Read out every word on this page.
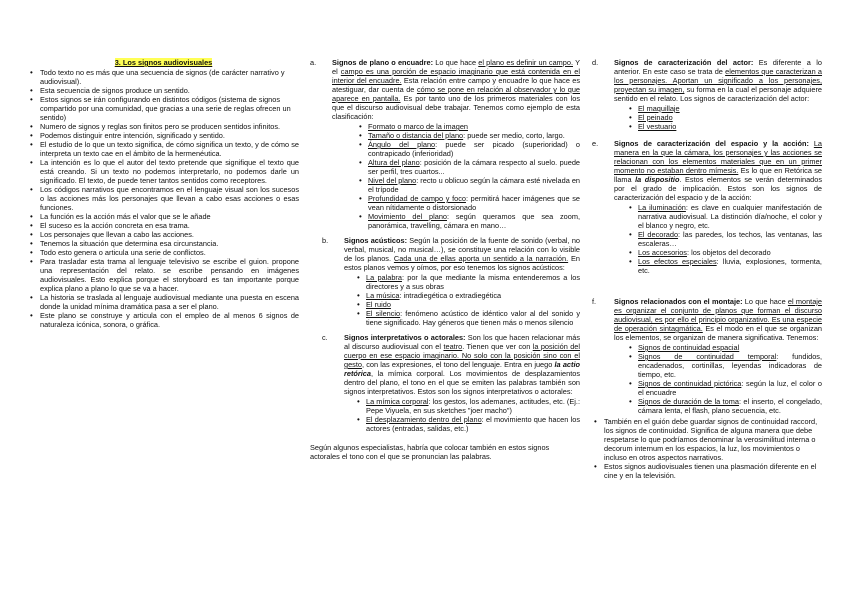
3. Los signos audiovisuales
• Todo texto no es más que una secuencia de signos (de carácter narrativo y audiovisual).
• Esta secuencia de signos produce un sentido.
• Estos signos se irán configurando en distintos códigos (sistema de signos compartido por una comunidad, que gracias a una serie de reglas ofrecen un sentido)
• Numero de signos y reglas son finitos pero se producen sentidos infinitos.
• Podemos distinguir entre intención, significado y sentido.
• El estudio de lo que un texto significa, de cómo significa un texto, y de cómo se interpreta un texto cae en el ámbito de la hermenéutica.
• La intención es lo que el autor del texto pretende que signifique el texto que está creando. Si un texto no podemos interpretarlo, no podemos darle un significado. El texto, de puede tener tantos sentidos como receptores.
• Los códigos narrativos que encontramos en el lenguaje visual son los sucesos o las acciones más los personajes que llevan a cabo esas acciones o esas funciones.
• La función es la acción más el valor que se le añade
• El suceso es la acción concreta en esa trama.
• Los personajes que llevan a cabo las acciones.
• Tenemos la situación que determina esa circunstancia.
• Todo esto genera o articula una serie de conflictos.
• Para trasladar esta trama al lenguaje televisivo se escribe el guion. propone una representación del relato. se escribe pensando en imágenes audiovisuales. Esto explica porque el storyboard es tan importante porque explica plano a plano lo que se va a hacer.
• La historia se traslada al lenguaje audiovisual mediante una puesta en escena donde la unidad mínima dramática pasa a ser el plano.
• Este plano se construye y articula con el empleo de al menos 6 signos de naturaleza icónica, sonora, o gráfica.
a. Signos de plano o encuadre: Lo que hace el plano es definir un campo. Y el campo es una porción de espacio imaginario que está contenida en el interior del encuadre. Esta relación entre campo y encuadre lo que hace es atestiguar, dar cuenta de cómo se pone en relación al observador y lo que aparece en pantalla. Es por tanto uno de los primeros materiales con los que el discurso audiovisual debe trabajar. Tenemos como ejemplo de esta clasificación:
• Formato o marco de la imagen
• Tamaño o distancia del plano: puede ser medio, corto, largo.
• Ángulo del plano: puede ser picado (superioridad) o contrapicado (inferioridad)
• Altura del plano: posición de la cámara respecto al suelo. puede ser perfil, tres cuartos...
• Nivel del plano: recto u oblicuo según la cámara esté nivelada en el trípode
• Profundidad de campo y foco: permitirá hacer imágenes que se vean nítidamente o distorsionado
• Movimiento del plano: según queramos que sea zoom, panorámica, travelling, cámara en mano…
b. Signos acústicos: Según la posición de la fuente de sonido (verbal, no verbal, musical, no musical…), se constituye una relación con lo visible de los planos. Cada una de ellas aporta un sentido a la narración. En estos planos vemos y oímos, por eso tenemos los signos acústicos:
• La palabra: por la que mediante la misma entenderemos a los directores y a sus obras
• La música: intradiegética o extradiegética
• El ruido
• El silencio: fenómeno acústico de idéntico valor al del sonido y tiene significado. Hay géneros que tienen más o menos silencio
c. Signos interpretativos o actorales: Son los que hacen relacionar más al discurso audiovisual con el teatro. Tienen que ver con la posición del cuerpo en ese espacio imaginario. No solo con la posición sino con el gesto, con las expresiones, el tono del lenguaje. Entra en juego la actio retórica, la mímica corporal. Los movimientos de desplazamientos dentro del plano, el tono en el que se emiten las palabras también son signos interpretativos. Estos son los signos interpretativos o actorales:
• La mímica corporal: los gestos, los ademanes, actitudes, etc. (Ej.: Pepe Viyuela, en sus sketches "joer macho")
• El desplazamiento dentro del plano: el movimiento que hacen los actores (entradas, salidas, etc.)

Según algunos especialistas, habría que colocar también en estos signos actorales el tono con el que se pronuncian las palabras.

d. Signos de caracterización del actor: Es diferente a lo anterior. En este caso se trata de elementos que caracterizan a los personajes. Aportan un significado a los personajes, proyectan su imagen, su forma en la cual el personaje adquiere sentido en el relato. Los signos de caracterización del actor:
• El maquillaje
• El peinado
• El vestuario
e. Signos de caracterización del espacio y la acción: La manera en la que la cámara, los personajes y las acciones se relacionan con los elementos materiales que en un primer momento no estaban dentro mímesis. Es lo que en Retórica se llama la dispositio. Estos elementos se verán determinados por el grado de implicación. Estos son los signos de caracterización del espacio y de la acción:
• La iluminación: es clave en cualquier manifestación de narrativa audiovisual. La distinción día/noche, el color y el blanco y negro, etc.
• El decorado: las paredes, los techos, las ventanas, las escaleras…
• Los accesorios: los objetos del decorado
• Los efectos especiales: lluvia, explosiones, tormenta, etc.
f. Signos relacionados con el montaje: Lo que hace el montaje es organizar el conjunto de planos que forman el discurso audiovisual, es por ello el principio organizativo. Es una especie de operación sintagmática. Es el modo en el que se organizan los elementos, se organizan de manera significativa. Tenemos:
• Signos de continuidad espacial
• Signos de continuidad temporal: fundidos, encadenados, cortinillas, leyendas indicadoras de tiempo, etc.
• Signos de continuidad pictórica: según la luz, el color o el encuadre
• Signos de duración de la toma: el inserto, el congelado, cámara lenta, el flash, plano secuencia, etc.
• También en el guión debe guardar signos de continuidad raccord, los signos de continuidad. Significa de alguna manera que debe respetarse lo que podríamos denominar la verosimilitud interna o decorum internum en los espacios, la luz, los movimientos o incluso en otros aspectos narrativos.
• Estos signos audiovisuales tienen una plasmación diferente en el cine y en la televisión.
